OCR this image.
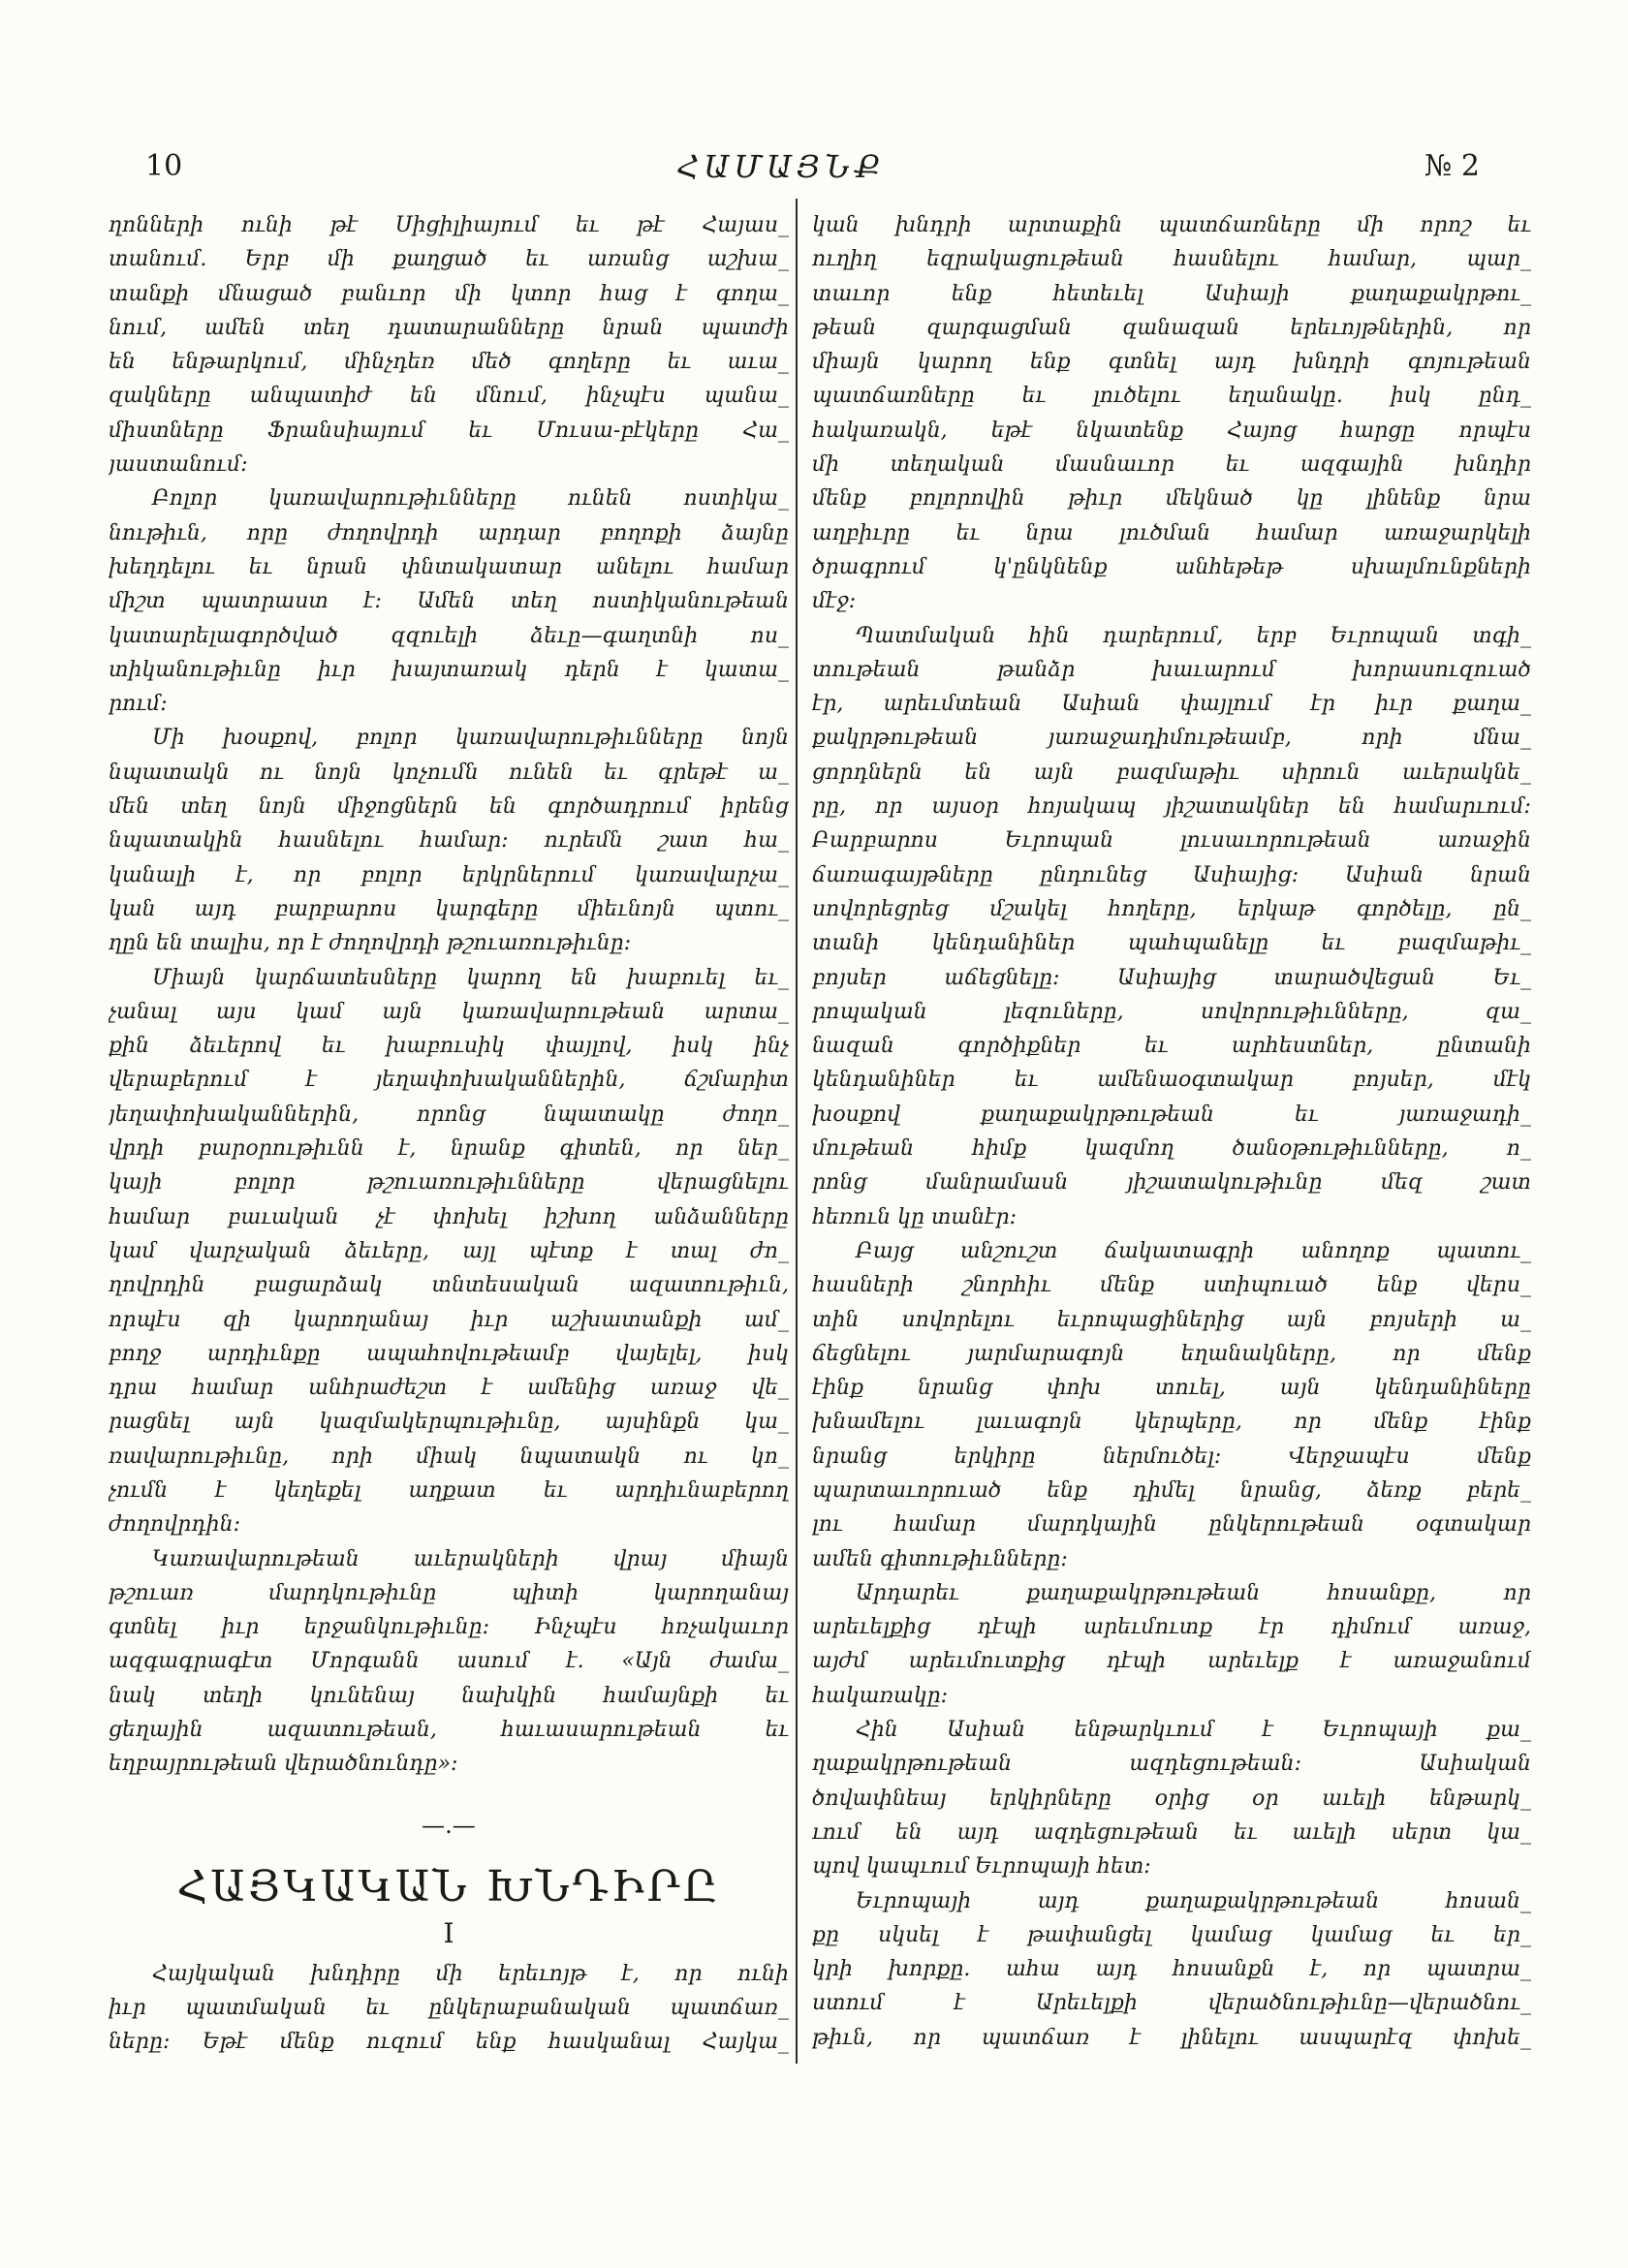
10	ՀԱՄԱՅՆՔ	№ 2
ղոնների ունի թէ Սիցիլիայում եւ թէ Հայաս_
տանում. Երբ մի քաղցած եւ առանց աշխա_
տանքի մնացած բանւոր մի կտոր հաց է գողա_
նում, ամեն տեղ դատարանները նրան պատժի
են ենթարկում, մինչդեռ մեծ գողերը եւ աւա_
զակները անպատիժ են մնում, ինչպէս պանա_
միստները Ֆրանսիայում եւ Մուսա-բէկերը Հա_
յաստանում։
Բոլոր կառավարութիւնները ունեն ոստիկա_
նութիւն, որը ժողովրդի արդար բողոքի ձայնը
խեղդելու եւ նրան փնտակատար անելու համար
միշտ պատրաստ է։ Ամեն տեղ ոստիկանութեան
կատարելագործված զզուելի ձեւը—գաղտնի ոս_
տիկանութիւնը իւր խայտառակ դերն է կատա_
րում։
Մի խօսքով, բոլոր կառավարութիւնները նոյն
նպատակն ու նոյն կոչումն ունեն եւ գրեթէ ա_
մեն տեղ նոյն միջոցներն են գործադրում իրենց
նպատակին հասնելու համար։ ուրեմն շատ հա_
կանալի է, որ բոլոր երկրներում կառավարչա_
կան այդ բարբարոս կարգերը միեւնոյն պտու_
ղըն են տալիս, որ է ժողովրդի թշուառութիւնը։
Միայն կարճատեսները կարող են խաբուել եւ_
չանալ այս կամ այն կառավարութեան արտա_
քին ձեւերով եւ խաբուսիկ փայլով, իսկ ինչ
վերաբերում է յեղափոխականներին, ճշմարիտ
յեղափոխականներին, որոնց նպատակը ժողո_
վրդի բարօրութիւնն է, նրանք գիտեն, որ ներ_
կայի բոլոր թշուառութիւնները վերացնելու
համար բաւական չէ փոխել իշխող անձանները
կամ վարչական ձեւերը, այլ պէտք է տալ ժո_
ղովրդին բացարձակ տնտեսական ազատութիւն,
որպէս զի կարողանայ իւր աշխատանքի ամ_
բողջ արդիւնքը ապահովութեամբ վայելել, իսկ
դրա համար անհրաժեշտ է ամենից առաջ վե_
րացնել այն կազմակերպութիւնը, այսինքն կա_
ռավարութիւնը, որի միակ նպատակն ու կո_
չումն է կեղեքել աղքատ եւ արդիւնաբերող
ժողովրդին։
Կառավարութեան աւերակների վրայ միայն
թշուառ մարդկութիւնը պիտի կարողանայ
գտնել իւր երջանկութիւնը։ Ինչպէս հռչակաւոր
ազգագրագէտ Մորգանն ասում է. «Այն ժամա_
նակ տեղի կունենայ նախկին համայնքի եւ
ցեղային ազատութեան, հաւասարութեան եւ
եղբայրութեան վերածնունդը»։
—.—
ՀԱՅԿԱԿԱՆ ԽՆԴԻՐԸ
I
Հայկական խնդիրը մի երեւոյթ է, որ ունի
իւր պատմական եւ ընկերաբանական պատճառ_
ները։ Եթէ մենք ուզում ենք հասկանալ Հայկա_
կան խնդրի արտաքին պատճառները մի որոշ եւ
ուղիղ եզրակացութեան հասնելու համար, պար_
տաւոր ենք հետեւել Ասիայի քաղաքակրթու_
թեան զարգացման զանազան երեւոյթներին, որ
միայն կարող ենք գտնել այդ խնդրի գոյութեան
պատճառները եւ լուծելու եղանակը. իսկ ընդ_
հակառակն, եթէ նկատենք Հայոց հարցը որպէս
մի տեղական մասնաւոր եւ ազգային խնդիր
մենք բոլորովին թիւր մեկնած կը լինենք նրա
աղբիւրը եւ նրա լուծման համար առաջարկելի
ծրագրում կ'ընկնենք անհեթեթ սխալմունքների
մէջ։
Պատմական հին դարերում, երբ Եւրոպան տգի_
տութեան թանձր խաւարում խորասուզուած
էր, արեւմտեան Ասիան փայլում էր իւր քաղա_
քակրթութեան յառաջադիմութեամբ, որի մնա_
ցորդներն են այն բազմաթիւ սիրուն աւերակնե_
րը, որ այսօր հոյակապ յիշատակներ են համարւում։
Բարբարոս Եւրոպան լուսաւորութեան առաջին
ճառագայթները ընդունեց Ասիայից։ Ասիան նրան
սովորեցրեց մշակել հողերը, երկաթ գործելը, ըն_
տանի կենդանիներ պահպանելը եւ բազմաթիւ_
բոյսեր աճեցնելը։ Ասիայից տարածվեցան Եւ_
րոպական լեզուները, սովորութիւնները, զա_
նազան գործիքներ եւ արհեստներ, ընտանի
կենդանիներ եւ ամենաօգտակար բոյսեր, մէկ
խօսքով քաղաքակրթութեան եւ յառաջադի_
մութեան հիմք կազմող ծանօթութիւնները, ո_
րոնց մանրամասն յիշատակութիւնը մեզ շատ
հեռուն կը տանէր։
Բայց անշուշտ ճակատագրի անողոք պատու_
հասների շնորհիւ մենք ստիպուած ենք վերս_
տին սովորելու եւրոպացիներից այն բոյսերի ա_
ճեցնելու յարմարագոյն եղանակները, որ մենք
էինք նրանց փոխ տուել, այն կենդանիները
խնամելու լաւագոյն կերպերը, որ մենք էինք
նրանց երկիրը ներմուծել։ Վերջապէս մենք
պարտաւորուած ենք դիմել նրանց, ձեռք բերե_
լու համար մարդկային ընկերութեան օգտակար
ամեն գիտութիւնները։
Արդարեւ քաղաքակրթութեան հոսանքը, որ
արեւելքից դէպի արեւմուտք էր դիմում առաջ,
այժմ արեւմուտքից դէպի արեւելք է առաջանում
հակառակը։
Հին Ասիան ենթարկւում է Եւրոպայի քա_
ղաքակրթութեան ազդեցութեան։ Ասիական
ծովափնեայ երկիրները օրից օր աւելի ենթարկ_
ւում են այդ ազդեցութեան եւ աւելի սերտ կա_
պով կապւում Եւրոպայի հետ։
Եւրոպայի այդ քաղաքակրթութեան հոսան_
քը սկսել է թափանցել կամաց կամաց եւ եր_
կրի խորքը. ահա այդ հոսանքն է, որ պատրա_
ստում է Արեւելքի վերածնութիւնը—վերածնու_
թիւն, որ պատճառ է լինելու ասպարէզ փոխե_
